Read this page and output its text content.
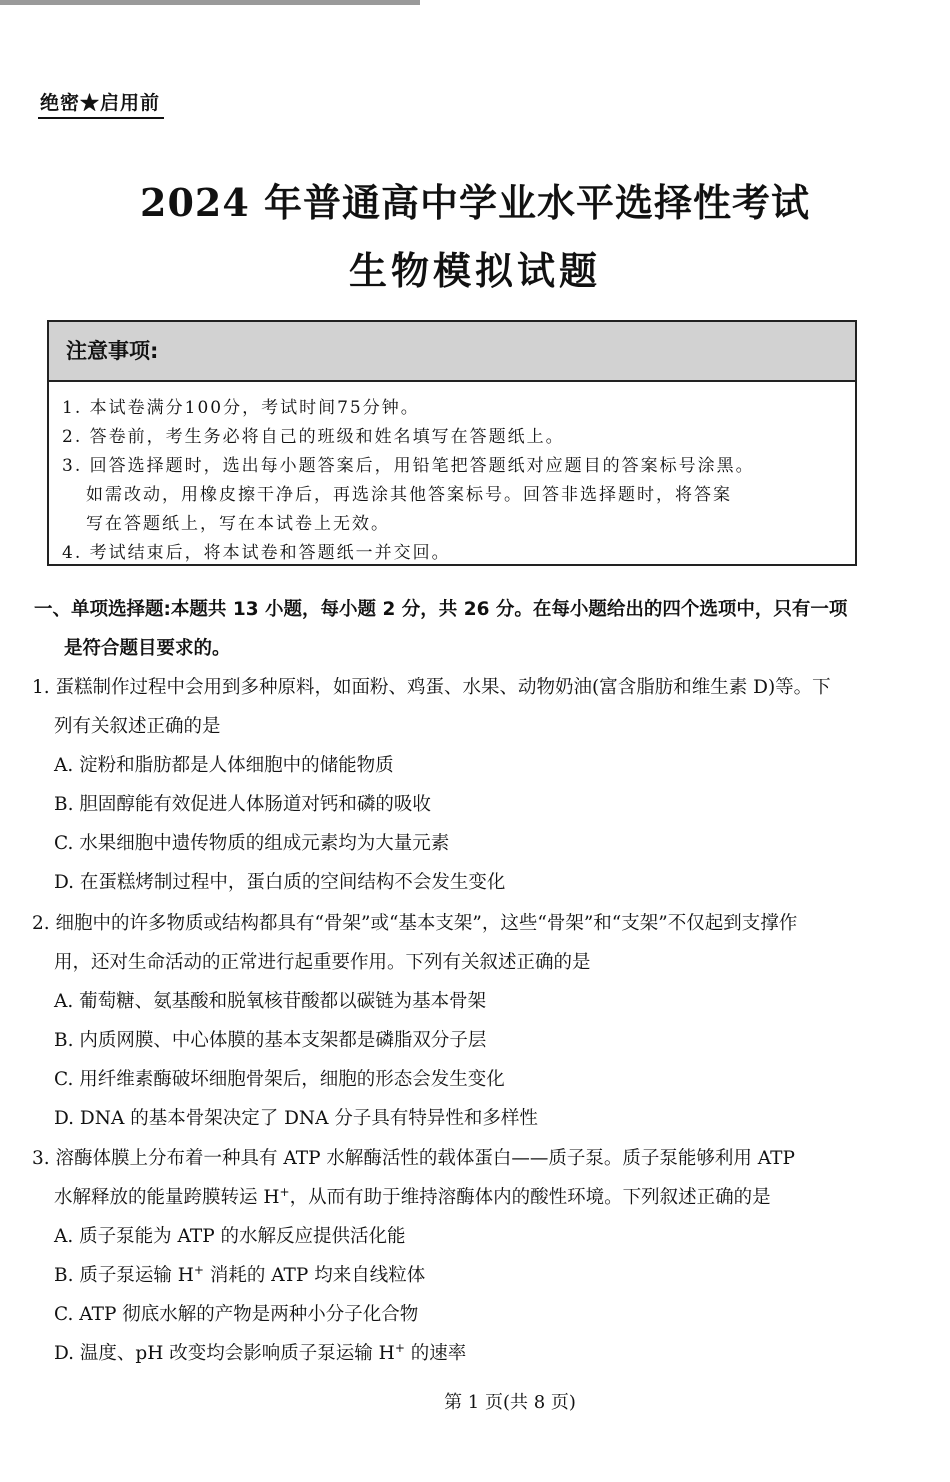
绝密★启用前
2024 年普通高中学业水平选择性考试
生物模拟试题
注意事项:
1. 本试卷满分100分，考试时间75分钟。
2. 答卷前，考生务必将自己的班级和姓名填写在答题纸上。
3. 回答选择题时，选出每小题答案后，用铅笔把答题纸对应题目的答案标号涂黑。
如需改动，用橡皮擦干净后，再选涂其他答案标号。回答非选择题时，将答案
写在答题纸上，写在本试卷上无效。
4. 考试结束后，将本试卷和答题纸一并交回。
一、单项选择题:本题共 13 小题，每小题 2 分，共 26 分。在每小题给出的四个选项中，只有一项
是符合题目要求的。
1. 蛋糕制作过程中会用到多种原料，如面粉、鸡蛋、水果、动物奶油(富含脂肪和维生素 D)等。下
列有关叙述正确的是
A. 淀粉和脂肪都是人体细胞中的储能物质
B. 胆固醇能有效促进人体肠道对钙和磷的吸收
C. 水果细胞中遗传物质的组成元素均为大量元素
D. 在蛋糕烤制过程中，蛋白质的空间结构不会发生变化
2. 细胞中的许多物质或结构都具有“骨架”或“基本支架”，这些“骨架”和“支架”不仅起到支撑作
用，还对生命活动的正常进行起重要作用。下列有关叙述正确的是
A. 葡萄糖、氨基酸和脱氧核苷酸都以碳链为基本骨架
B. 内质网膜、中心体膜的基本支架都是磷脂双分子层
C. 用纤维素酶破坏细胞骨架后，细胞的形态会发生变化
D. DNA 的基本骨架决定了 DNA 分子具有特异性和多样性
3. 溶酶体膜上分布着一种具有 ATP 水解酶活性的载体蛋白——质子泵。质子泵能够利用 ATP
水解释放的能量跨膜转运 H+，从而有助于维持溶酶体内的酸性环境。下列叙述正确的是
A. 质子泵能为 ATP 的水解反应提供活化能
B. 质子泵运输 H+ 消耗的 ATP 均来自线粒体
C. ATP 彻底水解的产物是两种小分子化合物
D. 温度、pH 改变均会影响质子泵运输 H+ 的速率
第 1 页(共 8 页)
